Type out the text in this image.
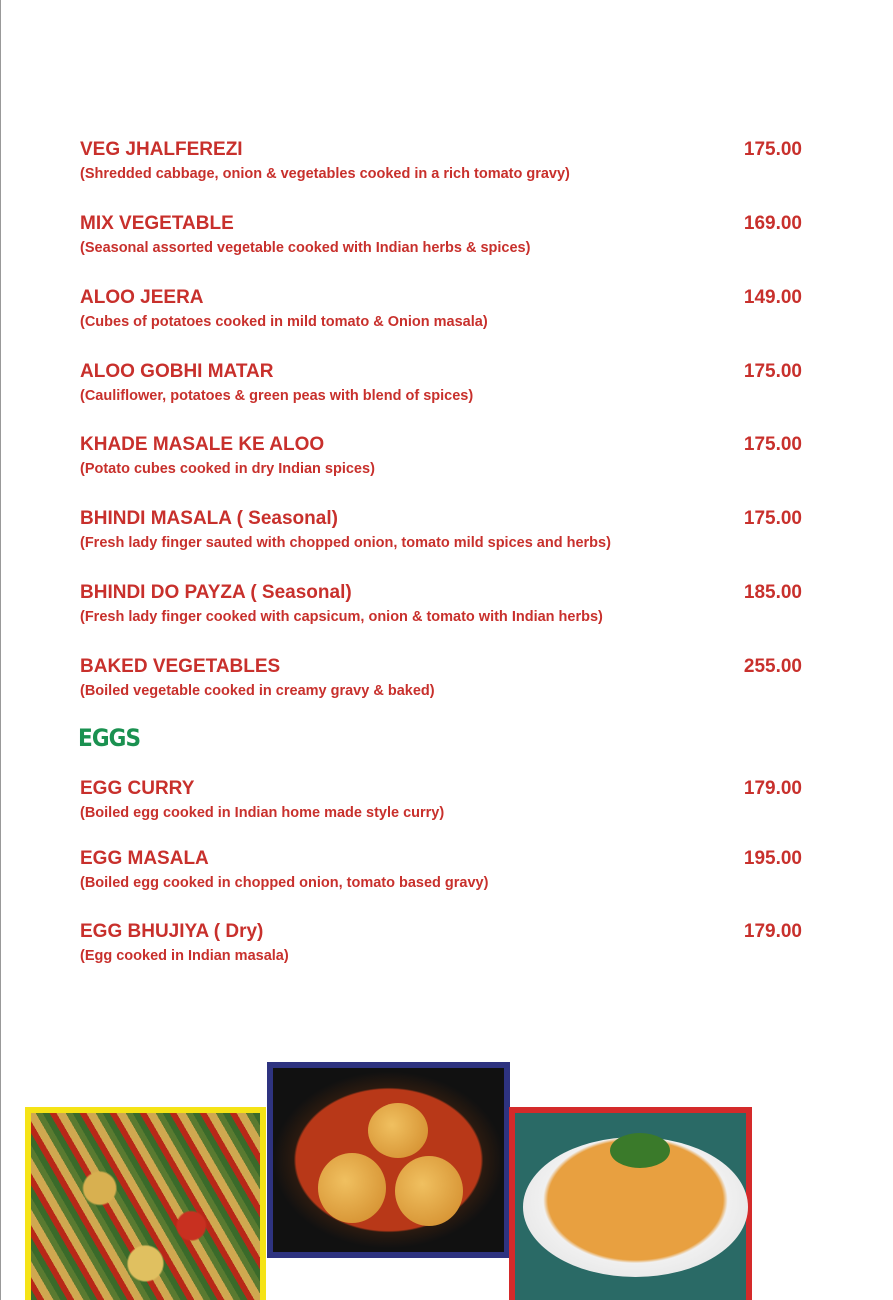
VEG JHALFEREZI	175.00
(Shredded cabbage, onion & vegetables cooked in a rich tomato gravy)
MIX VEGETABLE	169.00
(Seasonal assorted vegetable cooked with Indian herbs & spices)
ALOO JEERA	149.00
(Cubes of potatoes cooked in mild tomato & Onion masala)
ALOO GOBHI MATAR	175.00
(Cauliflower, potatoes & green peas with blend of spices)
KHADE MASALE KE ALOO	175.00
(Potato cubes cooked in dry Indian spices)
BHINDI MASALA ( Seasonal)	175.00
(Fresh lady finger sauted with chopped onion, tomato mild spices and herbs)
BHINDI DO PAYZA ( Seasonal)	185.00
(Fresh lady finger cooked with capsicum, onion & tomato with Indian herbs)
BAKED VEGETABLES	255.00
(Boiled vegetable cooked in creamy gravy & baked)
EGG CURRY	179.00
(Boiled egg cooked in Indian home made style curry)
EGG MASALA	195.00
(Boiled egg cooked in chopped onion, tomato based gravy)
EGG BHUJIYA ( Dry)	179.00
(Egg cooked in Indian masala)
EGGS
